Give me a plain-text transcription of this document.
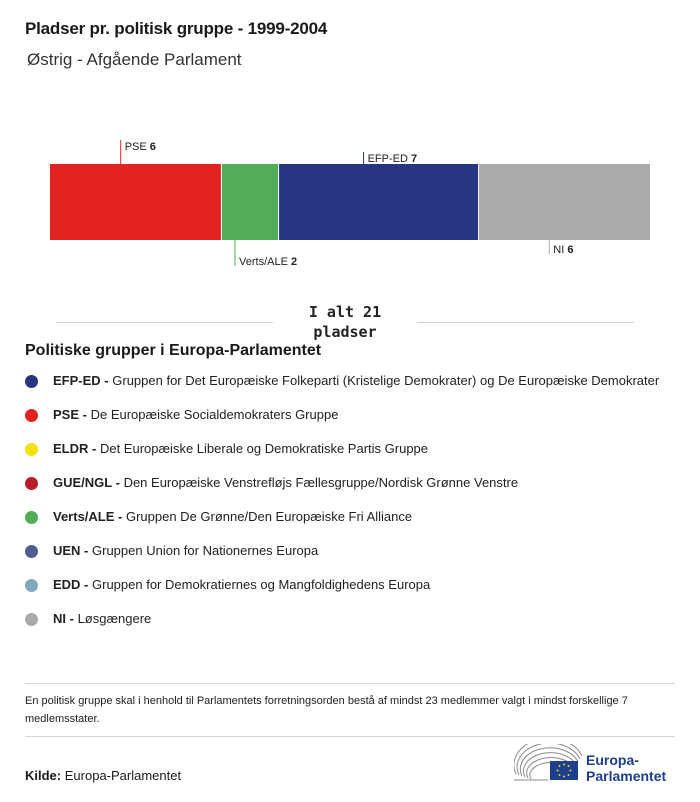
Pladser pr. politisk gruppe - 1999-2004
Østrig - Afgående Parlament
PSE 6
Verts/ALE 2
EFP-ED 7
NI 6
I alt 21
pladser
Politiske grupper i Europa-Parlamentet
EFP-ED - Gruppen for Det Europæiske Folkeparti (Kristelige Demokrater) og De Europæiske Demokrater
PSE - De Europæiske Socialdemokraters Gruppe
ELDR - Det Europæiske Liberale og Demokratiske Partis Gruppe
GUE/NGL - Den Europæiske Venstrefløjs Fællesgruppe/Nordisk Grønne Venstre
Verts/ALE - Gruppen De Grønne/Den Europæiske Fri Alliance
UEN - Gruppen Union for Nationernes Europa
EDD - Gruppen for Demokratiernes og Mangfoldighedens Europa
NI - Løsgængere
En politisk gruppe skal i henhold til Parlamentets forretningsorden bestå af mindst 23 medlemmer valgt i mindst forskellige 7 medlemsstater.
Kilde: Europa-Parlamentet
Europa-
Parlamentet
